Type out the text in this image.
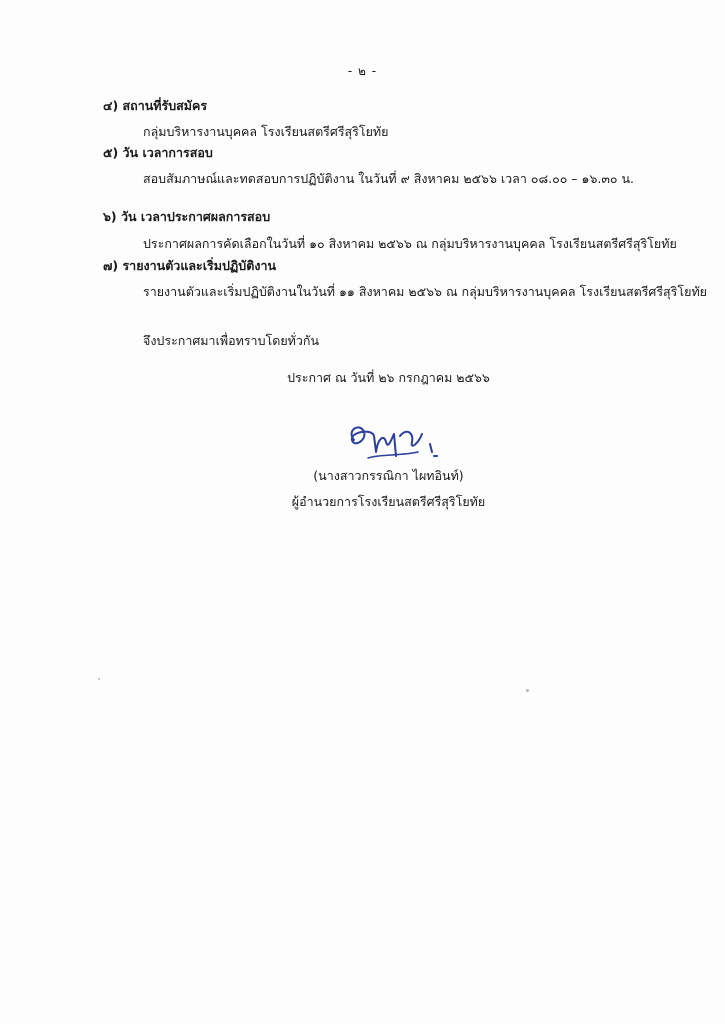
- ๒ -
๔) สถานที่รับสมัคร
กลุ่มบริหารงานบุคคล โรงเรียนสตรีศรีสุริโยทัย
๕) วัน เวลาการสอบ
สอบสัมภาษณ์และทดสอบการปฏิบัติงาน ในวันที่ ๙ สิงหาคม ๒๕๖๖ เวลา ๐๘.๐๐ – ๑๖.๓๐ น.
๖) วัน เวลาประกาศผลการสอบ
ประกาศผลการคัดเลือกในวันที่ ๑๐ สิงหาคม ๒๕๖๖ ณ กลุ่มบริหารงานบุคคล โรงเรียนสตรีศรีสุริโยทัย
๗) รายงานตัวและเริ่มปฏิบัติงาน
รายงานตัวและเริ่มปฏิบัติงานในวันที่ ๑๑ สิงหาคม ๒๕๖๖ ณ กลุ่มบริหารงานบุคคล โรงเรียนสตรีศรีสุริโยทัย
จึงประกาศมาเพื่อทราบโดยทั่วกัน
ประกาศ ณ วันที่ ๒๖ กรกฎาคม ๒๕๖๖
(นางสาวกรรณิกา ไผทอินท์)
ผู้อำนวยการโรงเรียนสตรีศรีสุริโยทัย
